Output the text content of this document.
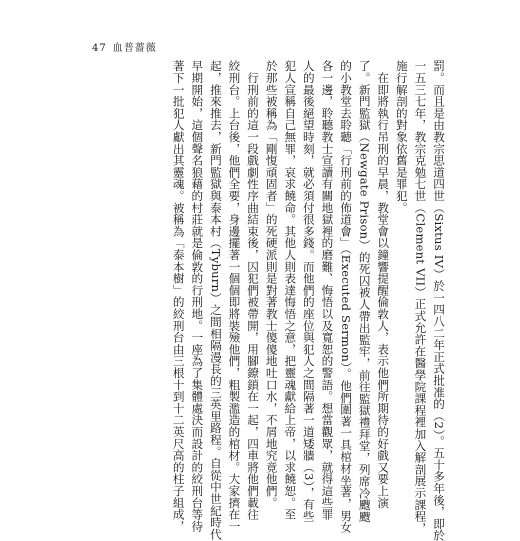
47 血普薔薇
罰。而且是由教宗思道四世（Sixtus IV）於一四八二年正式批准的（2）。五十多年後，即於
一五三七年，教宗克勉七世（Clement VII）正式允許在醫學院課程裡加入解剖展示課程，
施行解剖的對象依舊是罪犯。
　在即將執行吊刑的早晨，教堂會以鐘響提醒倫敦人，表示他們所期待的好戲又要上演
了。新門監獄（Newgate Prison）的死囚被人帶出監牢，前往監獄禮拜堂，列席冷颼颼
的小教堂去聆聽「行刑前的佈道會」（Executed Sermon）。他們圍著一具棺材坐著，男女
各一邊，聆聽教士宣讀有關地獄裡的磨難、悔悟以及寬恕的警語。想當觀眾，就得這些罪
人的最後絕望時刻，就必須付很多錢。而他們的座位與犯人之間隔著一道矮牆（3），有些
犯人宣稱自己無罪，哀求饒命。其他人則表達悔悟之意，把靈魂獻給上帝，以求饒恕。至
於那些被稱為「剛愎頑固者」的死硬派則是對著教士傻傻地吐口水，不屑地究竟他們。
　行刑前的這一段戲劇性序曲結束後，囚犯們被帶開，用腳鐐鎖在一起，四車將他們載往
絞刑台。上台後，他們全要，身邊擺著一個個即將裝殮他們，粗製濫造的棺材。大家擠在一
起，推來推去，新門監獄與泰本村（Tyburn）之間相隔漫長的三英里路程。自從中世紀時代
早期開始，這個聲名狼藉的村莊就是倫敦的行刑地。一座為了集體處決而設計的絞刑台等待
著下一批犯人獻出其靈魂。被稱為「泰本樹」的絞刑台由三根十到十二英尺高的柱子組成，
